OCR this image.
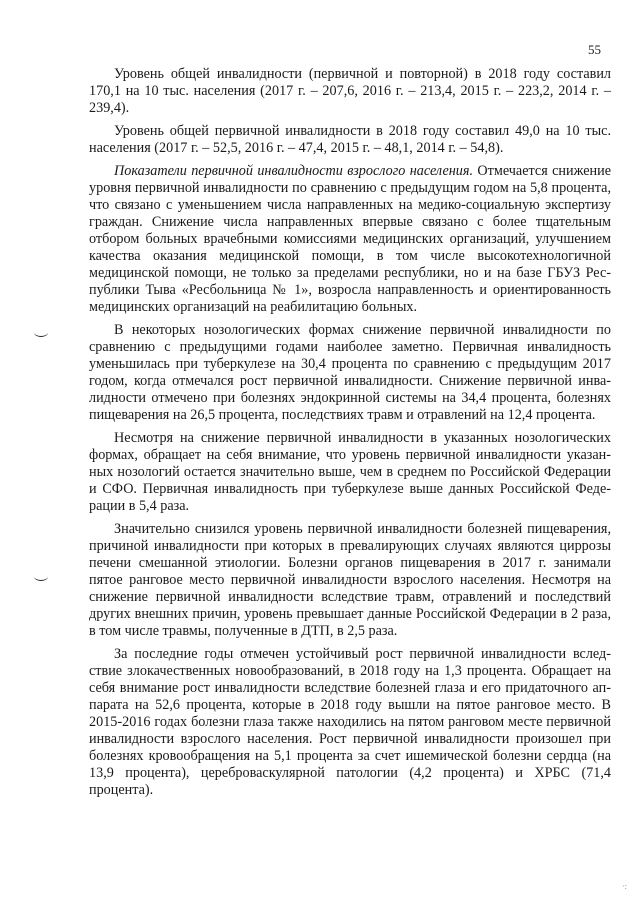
55
·:

Уровень общей инвалидности (первичной и повторной) в 2018 году составил 170,1 на 10 тыс. населения (2017 г. – 207,6, 2016 г. – 213,4, 2015 г. – 223,2, 2014 г. – 239,4).

Уровень общей первичной инвалидности в 2018 году составил 49,0 на 10 тыс. населения (2017 г. – 52,5, 2016 г. – 47,4, 2015 г. – 48,1, 2014 г. – 54,8).

Показатели первичной инвалидности взрослого населения. Отмечается снижение уровня первичной инвалидности по сравнению с предыдущим годом на 5,8 процента, что связано с уменьшением числа направленных на медико-социальную экспертизу граждан. Снижение числа направленных впервые связано с более тщательным отбором больных врачебными комиссиями медицинских организаций, улучшением качества оказания медицинской помощи, в том числе высокотехнологичной медицинской помощи, не только за пределами республики, но и на базе ГБУЗ Республики Тыва «Ресбольница № 1», возросла направленность и ориентированность медицинских организаций на реабилитацию больных.

В некоторых нозологических формах снижение первичной инвалидности по сравнению с предыдущими годами наиболее заметно. Первичная инвалидность уменьшилась при туберкулезе на 30,4 процента по сравнению с предыдущим 2017 годом, когда отмечался рост первичной инвалидности. Снижение первичной инвалидности отмечено при болезнях эндокринной системы на 34,4 процента, болезнях пищеварения на 26,5 процента, последствиях травм и отравлений на 12,4 процента.

Несмотря на снижение первичной инвалидности в указанных нозологических формах, обращает на себя внимание, что уровень первичной инвалидности указанных нозологий остается значительно выше, чем в среднем по Российской Федерации и СФО. Первичная инвалидность при туберкулезе выше данных Российской Федерации в 5,4 раза.

Значительно снизился уровень первичной инвалидности болезней пищеварения, причиной инвалидности при которых в превалирующих случаях являются циррозы печени смешанной этиологии. Болезни органов пищеварения в 2017 г. занимали пятое ранговое место первичной инвалидности взрослого населения. Несмотря на снижение первичной инвалидности вследствие травм, отравлений и последствий других внешних причин, уровень превышает данные Российской Федерации в 2 раза, в том числе травмы, полученные в ДТП, в 2,5 раза.

За последние годы отмечен устойчивый рост первичной инвалидности вследствие злокачественных новообразований, в 2018 году на 1,3 процента. Обращает на себя внимание рост инвалидности вследствие болезней глаза и его придаточного аппарата на 52,6 процента, которые в 2018 году вышли на пятое ранговое место. В 2015-2016 годах болезни глаза также находились на пятом ранговом месте первичной инвалидности взрослого населения. Рост первичной инвалидности произошел при болезнях кровообращения на 5,1 процента за счет ишемической болезни сердца (на 13,9 процента), цереброваскулярной патологии (4,2 процента) и ХРБС (71,4 процента).
